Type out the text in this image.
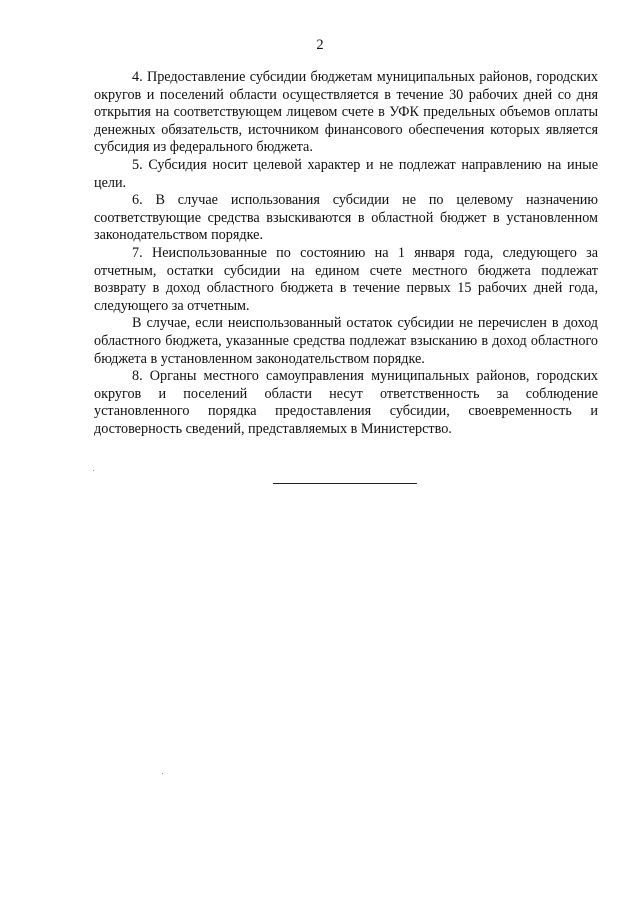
2

4. Предоставление субсидии бюджетам муниципальных районов, городских округов и поселений области осуществляется в течение 30 рабочих дней со дня открытия на соответствующем лицевом счете в УФК предельных объемов оплаты денежных обязательств, источником финансового обеспечения которых является субсидия из федерального бюджета.

5. Субсидия носит целевой характер и не подлежат направлению на иные цели.

6. В случае использования субсидии не по целевому назначению соответствующие средства взыскиваются в областной бюджет в установленном законодательством порядке.

7. Неиспользованные по состоянию на 1 января года, следующего за отчетным, остатки субсидии на едином счете местного бюджета подлежат возврату в доход областного бюджета в течение первых 15 рабочих дней года, следующего за отчетным.

В случае, если неиспользованный остаток субсидии не перечислен в доход областного бюджета, указанные средства подлежат взысканию в доход областного бюджета в установленном законодательством порядке.

8. Органы местного самоуправления муниципальных районов, городских округов и поселений области несут ответственность за соблюдение установленного порядка предоставления субсидии, своевременность и достоверность сведений, представляемых в Министерство.
